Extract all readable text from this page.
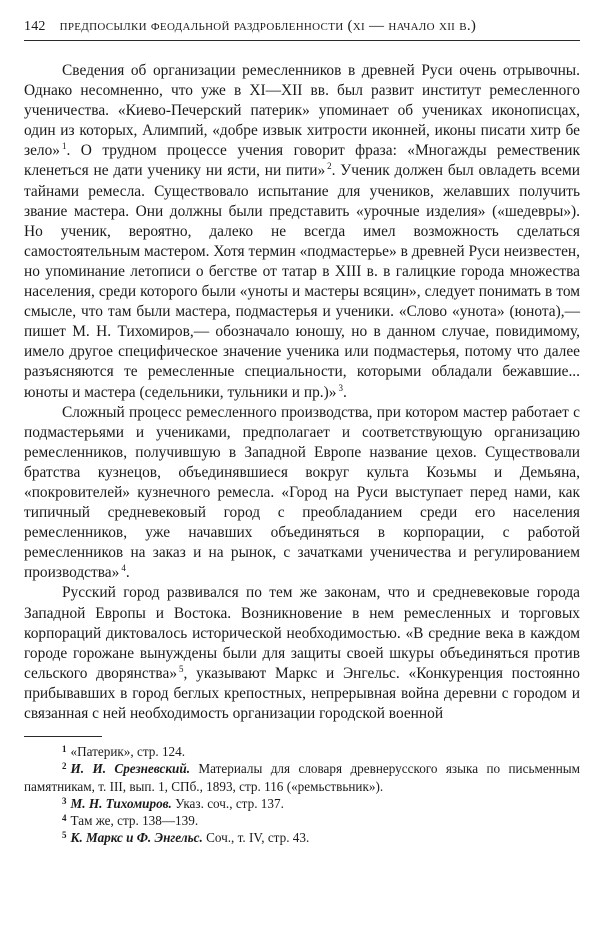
142 предпосылки феодальной раздробленности (xi — начало xii в.)

Сведения об организации ремесленников в древней Руси очень отрывочны. Однако несомненно, что уже в XI—XII вв. был развит институт ремесленного ученичества. «Киево-Печерский патерик» упоминает об учениках иконописцах, один из которых, Алимпий, «добре извык хитрости иконней, иконы писати хитр бе зело» $^1$. О трудном процессе учения говорит фраза: «Многажды ремественик кленеться не дати ученику ни ясти, ни пити» $^2$. Ученик должен был овладеть всеми тайнами ремесла. Существовало испытание для учеников, желавших получить звание мастера. Они должны были представить «урочные изделия» («шедевры»). Но ученик, вероятно, далеко не всегда имел возможность сделаться самостоятельным мастером. Хотя термин «подмастерье» в древней Руси неизвестен, но упоминание летописи о бегстве от татар в XIII в. в галицкие города множества населения, среди которого были «уноты и мастеры всяцин», следует понимать в том смысле, что там были мастера, подмастерья и ученики. «Слово «унота» (юнота),— пишет М. Н. Тихомиров,— обозначало юношу, но в данном случае, повидимому, имело другое специфическое значение ученика или подмастерья, потому что далее разъясняются те ремесленные специальности, которыми обладали бежавшие... юноты и мастера (седельники, тульники и пр.)» $^3$.

Сложный процесс ремесленного производства, при котором мастер работает с подмастерьями и учениками, предполагает и соответствующую организацию ремесленников, получившую в Западной Европе название цехов. Существовали братства кузнецов, объединявшиеся вокруг культа Козьмы и Демьяна, «покровителей» кузнечного ремесла. «Город на Руси выступает перед нами, как типичный средневековый город с преобладанием среди его населения ремесленников, уже начавших объединяться в корпорации, с работой ремесленников на заказ и на рынок, с зачатками ученичества и регулированием производства» $^4$.

Русский город развивался по тем же законам, что и средневековые города Западной Европы и Востока. Возникновение в нем ремесленных и торговых корпораций диктовалось исторической необходимостью. «В средние века в каждом городе горожане вынуждены были для защиты своей шкуры объединяться против сельского дворянства» $^5$, указывают Маркс и Энгельс. «Конкуренция постоянно прибывавших в город беглых крепостных, непрерывная война деревни с городом и связанная с ней необходимость организации городской военной

$^1$ «Патерик», стр. 124.

$^2$ И. И. Срезневский. Материалы для словаря древнерусского языка по письменным памятникам, т. III, вып. 1, СПб., 1893, стр. 116 («ремьствьник»).

$^3$ М. Н. Тихомиров. Указ. соч., стр. 137.

$^4$ Там же, стр. 138—139.

$^5$ К. Маркс и Ф. Энгельс. Соч., т. IV, стр. 43.
